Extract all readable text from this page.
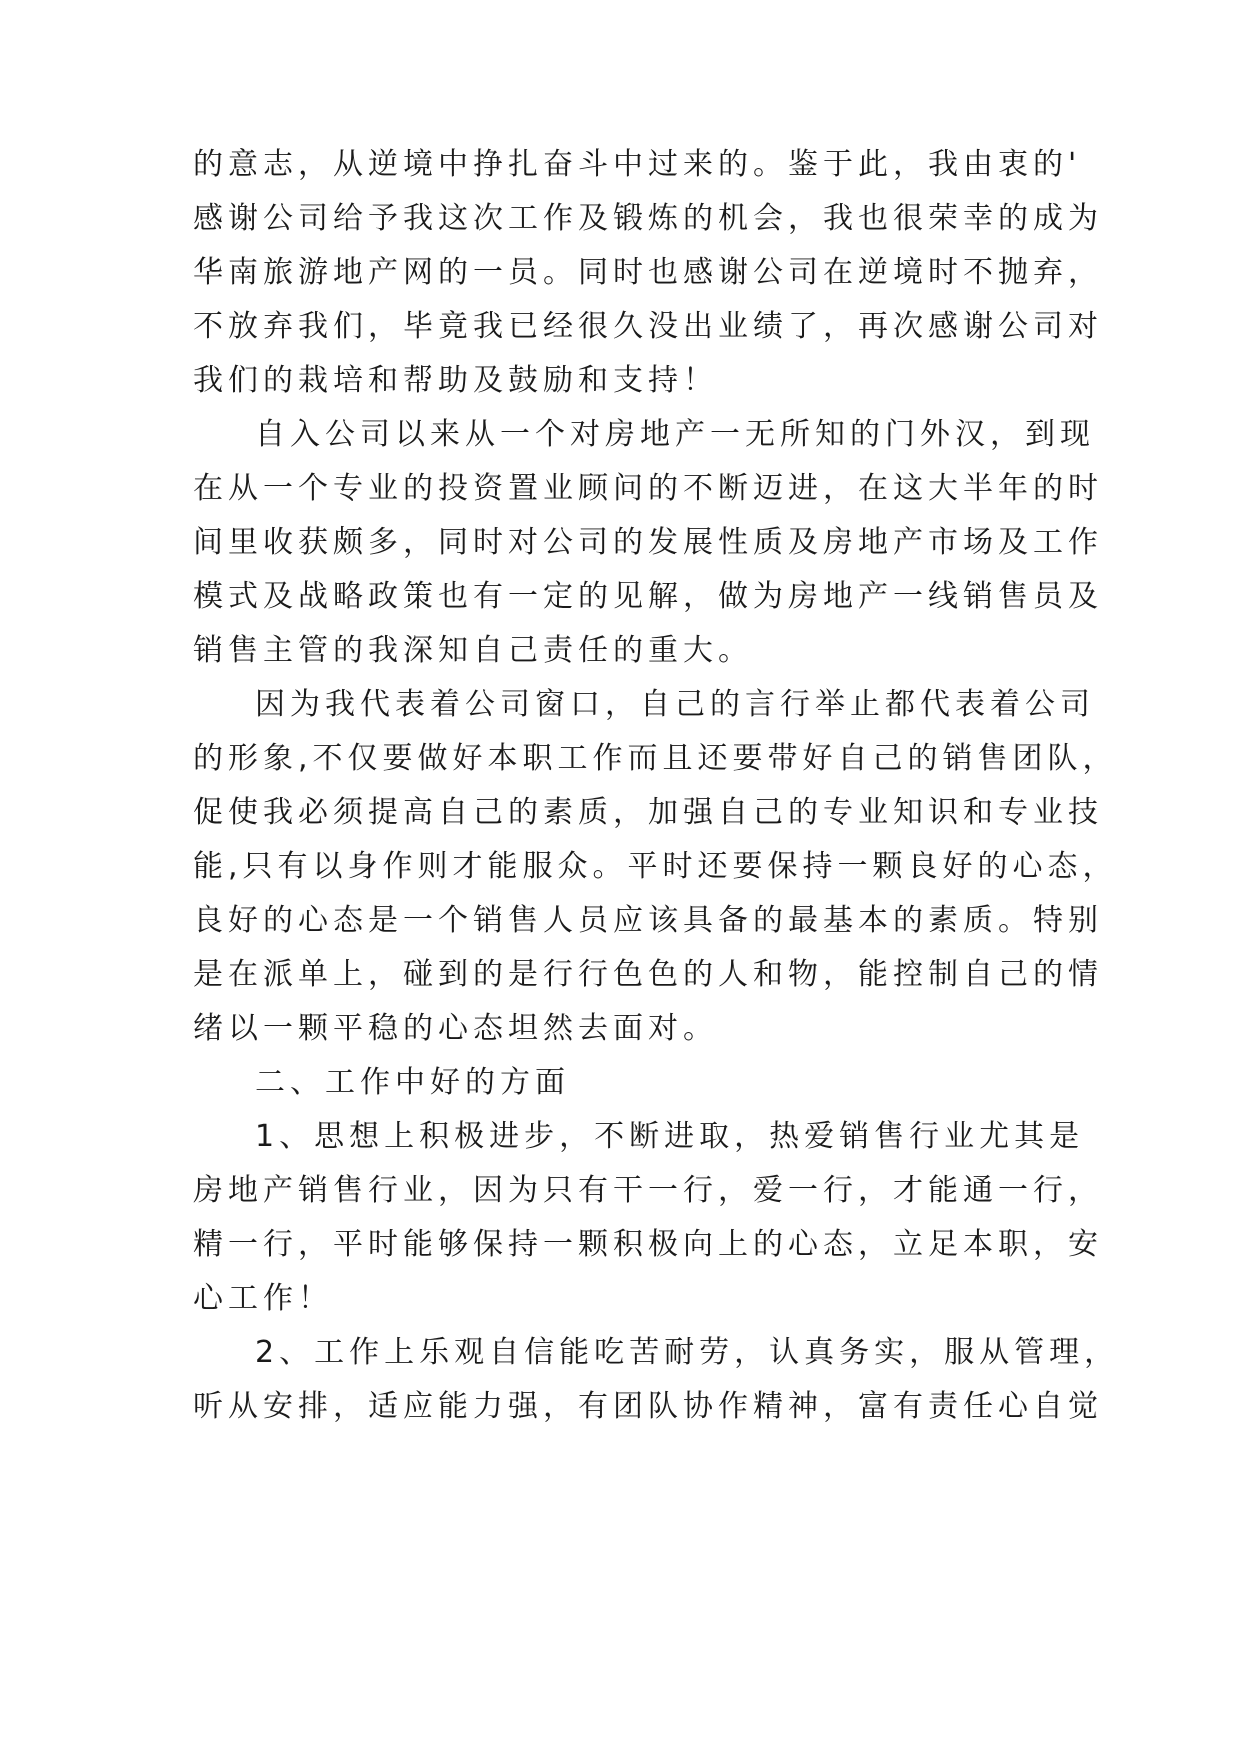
的意志，从逆境中挣扎奋斗中过来的。鉴于此，我由衷的'
感谢公司给予我这次工作及锻炼的机会，我也很荣幸的成为
华南旅游地产网的一员。同时也感谢公司在逆境时不抛弃，
不放弃我们，毕竟我已经很久没出业绩了，再次感谢公司对
我们的栽培和帮助及鼓励和支持！
自入公司以来从一个对房地产一无所知的门外汉，到现
在从一个专业的投资置业顾问的不断迈进，在这大半年的时
间里收获颇多，同时对公司的发展性质及房地产市场及工作
模式及战略政策也有一定的见解，做为房地产一线销售员及
销售主管的我深知自己责任的重大。
因为我代表着公司窗口，自己的言行举止都代表着公司
的形象,不仅要做好本职工作而且还要带好自己的销售团队，
促使我必须提高自己的素质，加强自己的专业知识和专业技
能,只有以身作则才能服众。平时还要保持一颗良好的心态，
良好的心态是一个销售人员应该具备的最基本的素质。特别
是在派单上，碰到的是行行色色的人和物，能控制自己的情
绪以一颗平稳的心态坦然去面对。
二、工作中好的方面
1、思想上积极进步，不断进取，热爱销售行业尤其是
房地产销售行业，因为只有干一行，爱一行，才能通一行，
精一行，平时能够保持一颗积极向上的心态，立足本职，安
心工作！
2、工作上乐观自信能吃苦耐劳，认真务实，服从管理，
听从安排，适应能力强，有团队协作精神，富有责任心自觉
